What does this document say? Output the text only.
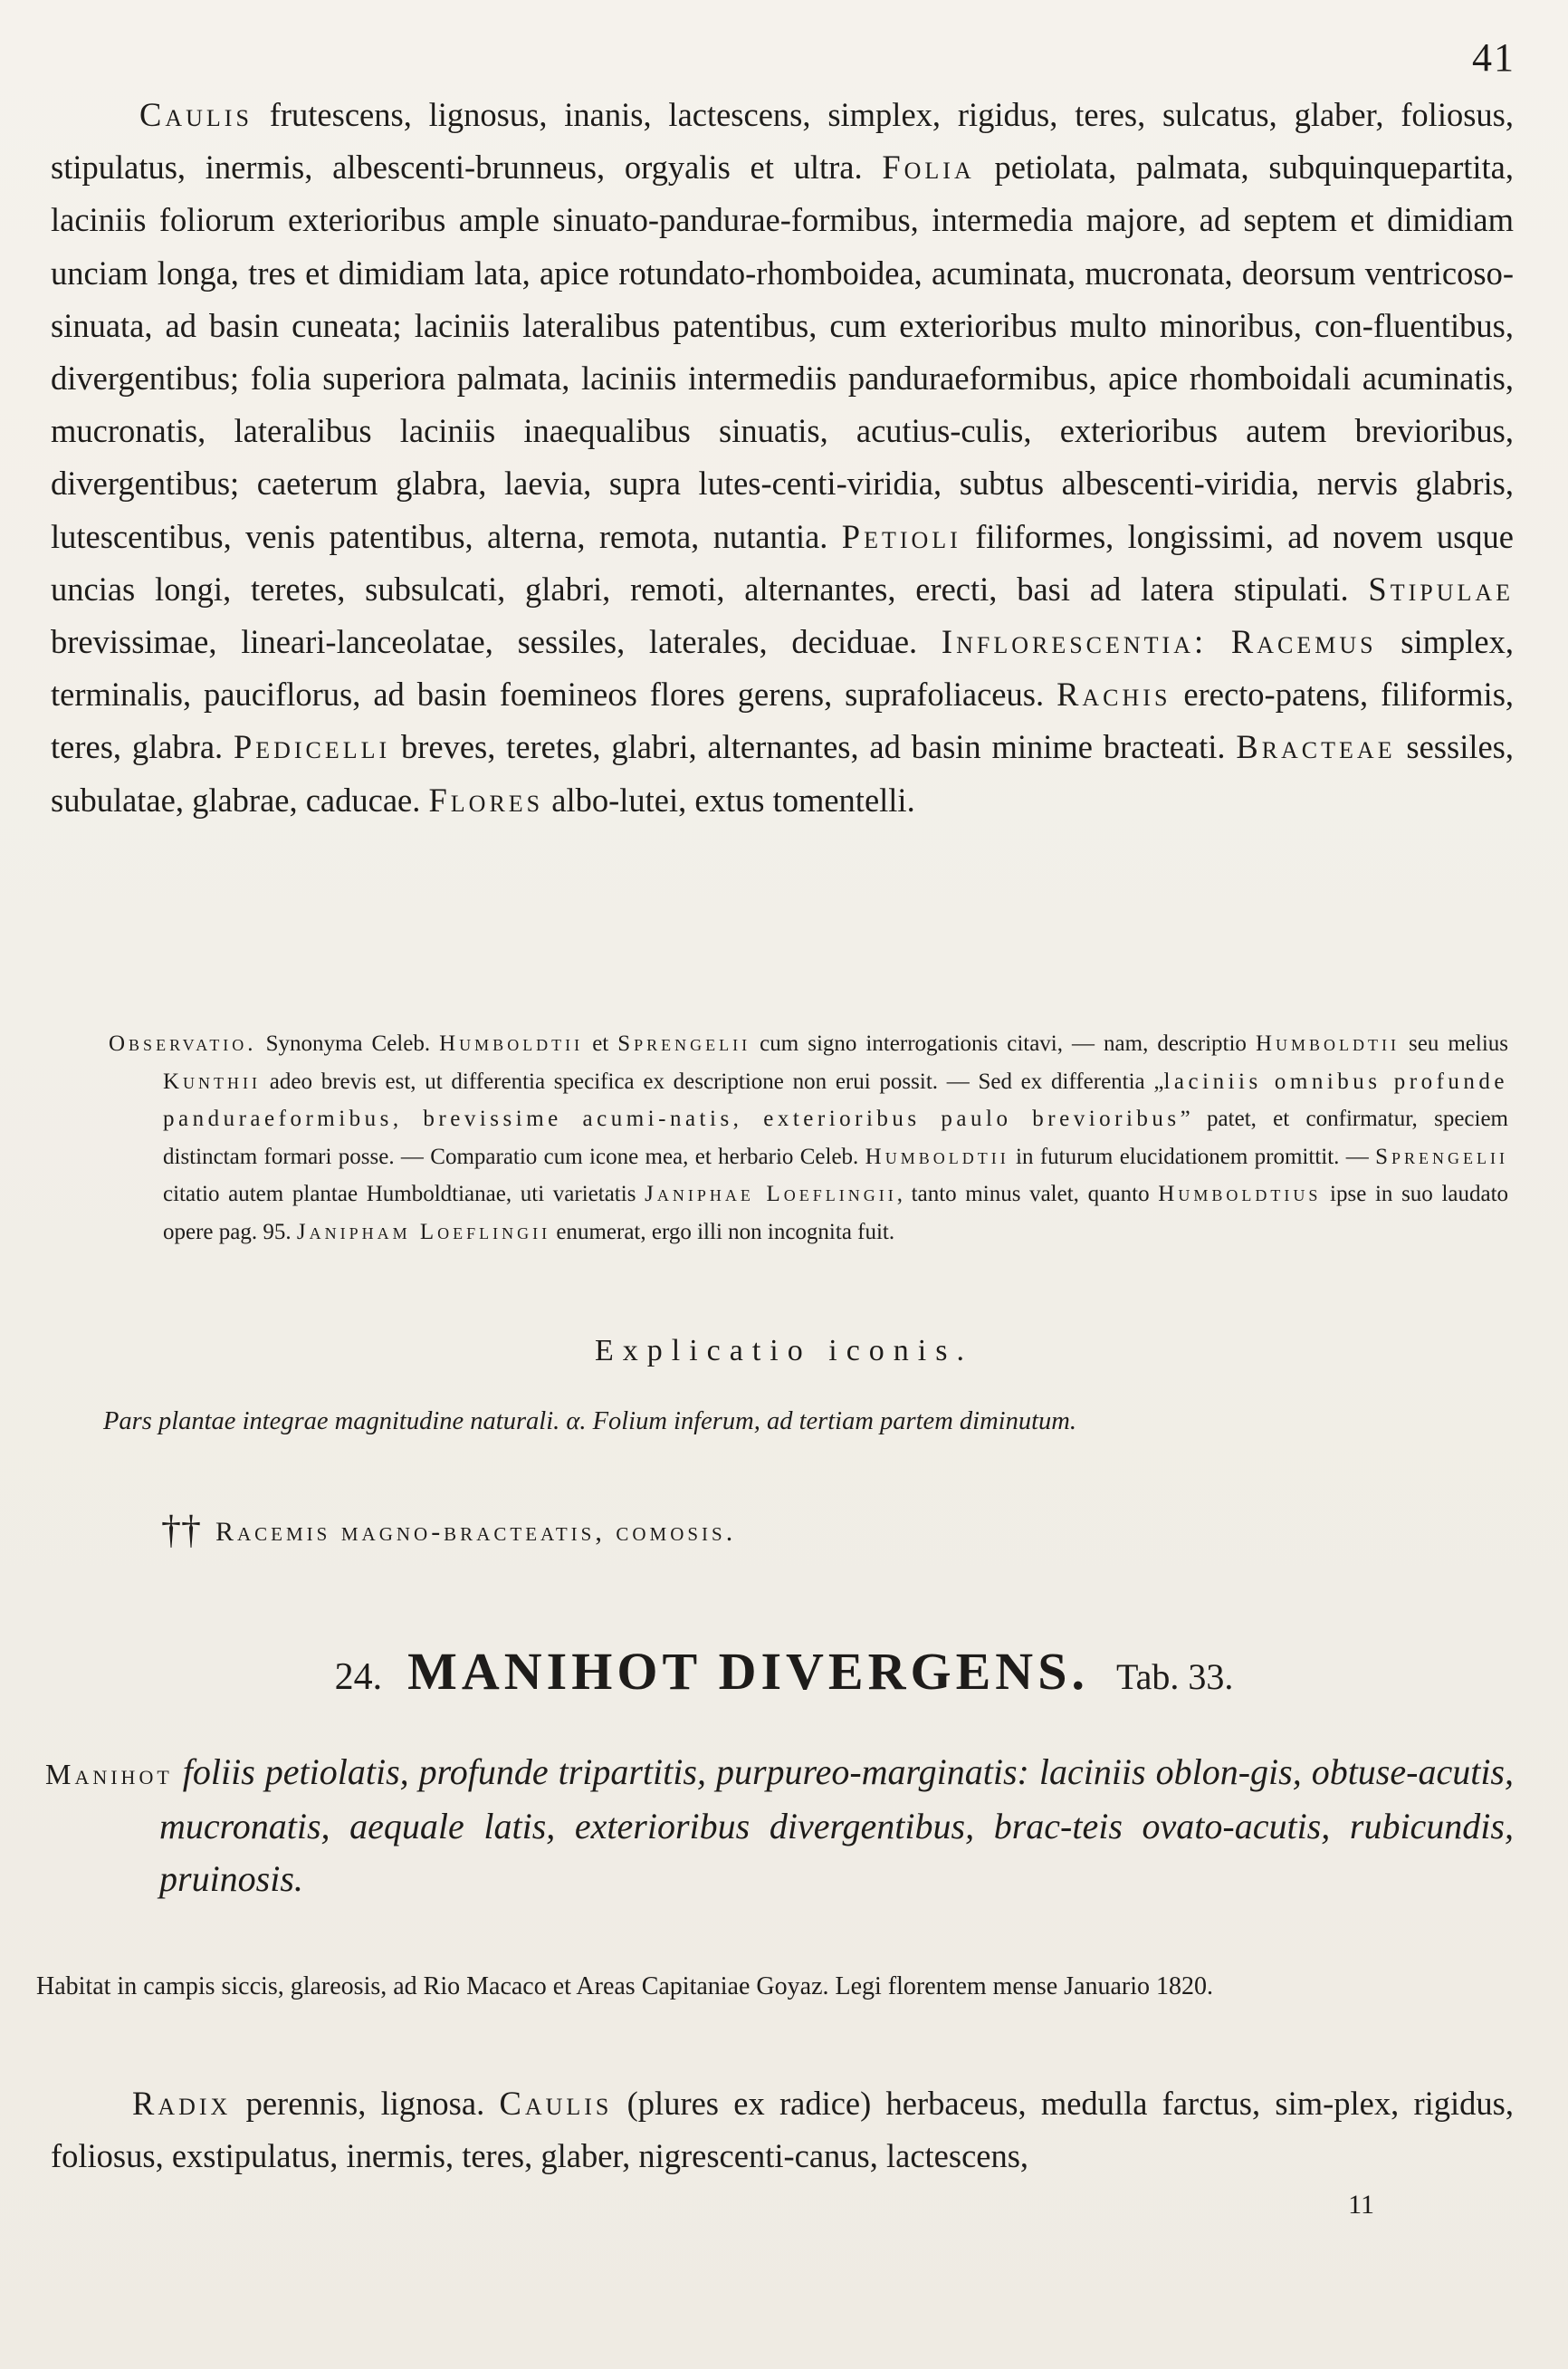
41
Caulis frutescens, lignosus, inanis, lactescens, simplex, rigidus, teres, sulcatus, glaber, foliosus, stipulatus, inermis, albescenti-brunneus, orgyalis et ultra. Folia petiolata, palmata, subquinquepartita, laciniis foliorum exterioribus ample sinuato-pandurae-formibus, intermedia majore, ad septem et dimidiam unciam longa, tres et dimidiam lata, apice rotundato-rhomboidea, acuminata, mucronata, deorsum ventricoso-sinuata, ad basin cuneata; laciniis lateralibus patentibus, cum exterioribus multo minoribus, con-fluentibus, divergentibus; folia superiora palmata, laciniis intermediis panduraeformibus, apice rhomboidali acuminatis, mucronatis, lateralibus laciniis inaequalibus sinuatis, acutius-culis, exterioribus autem brevioribus, divergentibus; caeterum glabra, laevia, supra lutes-centi-viridia, subtus albescenti-viridia, nervis glabris, lutescentibus, venis patentibus, alterna, remota, nutantia. Petioli filiformes, longissimi, ad novem usque uncias longi, teretes, subsulcati, glabri, remoti, alternantes, erecti, basi ad latera stipulati. Stipulae brevissimae, lineari-lanceolatae, sessiles, laterales, deciduae. Inflorescentia: Racemus simplex, terminalis, pauciflorus, ad basin foemineos flores gerens, suprafoliaceus. Rachis erecto-patens, filiformis, teres, glabra. Pedicelli breves, teretes, glabri, alternantes, ad basin minime bracteati. Bracteae sessiles, subulatae, glabrae, caducae. Flores albo-lutei, extus tomentelli.
Observatio. Synonyma Celeb. Humboldtii et Sprengelii cum signo interrogationis citavi, — nam, descriptio Humboldtii seu melius Kunthii adeo brevis est, ut differentia specifica ex descriptione non erui possit. — Sed ex differentia „laciniis omnibus profunde panduraeformibus, brevissime acumi-natis, exterioribus paulo brevioribus” patet, et confirmatur, speciem distinctam formari posse. — Comparatio cum icone mea, et herbario Celeb. Humboldtii in futurum elucidationem promittit. — Sprengelii citatio autem plantae Humboldtianae, uti varietatis Janiphae Loeflingii, tanto minus valet, quanto Humboldtius ipse in suo laudato opere pag. 95. Janipham Loeflingii enumerat, ergo illi non incognita fuit.
Explicatio iconis.
Pars plantae integrae magnitudine naturali. α. Folium inferum, ad tertiam partem diminutum.
†† Racemis magno-bracteatis, comosis.
24. MANIHOT DIVERGENS. Tab. 33.
Manihot foliis petiolatis, profunde tripartitis, purpureo-marginatis: laciniis oblon-gis, obtuse-acutis, mucronatis, aequale latis, exterioribus divergentibus, brac-teis ovato-acutis, rubicundis, pruinosis.
Habitat in campis siccis, glareosis, ad Rio Macaco et Areas Capitaniae Goyaz. Legi florentem mense Januario 1820.
Radix perennis, lignosa. Caulis (plures ex radice) herbaceus, medulla farctus, sim-plex, rigidus, foliosus, exstipulatus, inermis, teres, glaber, nigrescenti-canus, lactescens,
11
